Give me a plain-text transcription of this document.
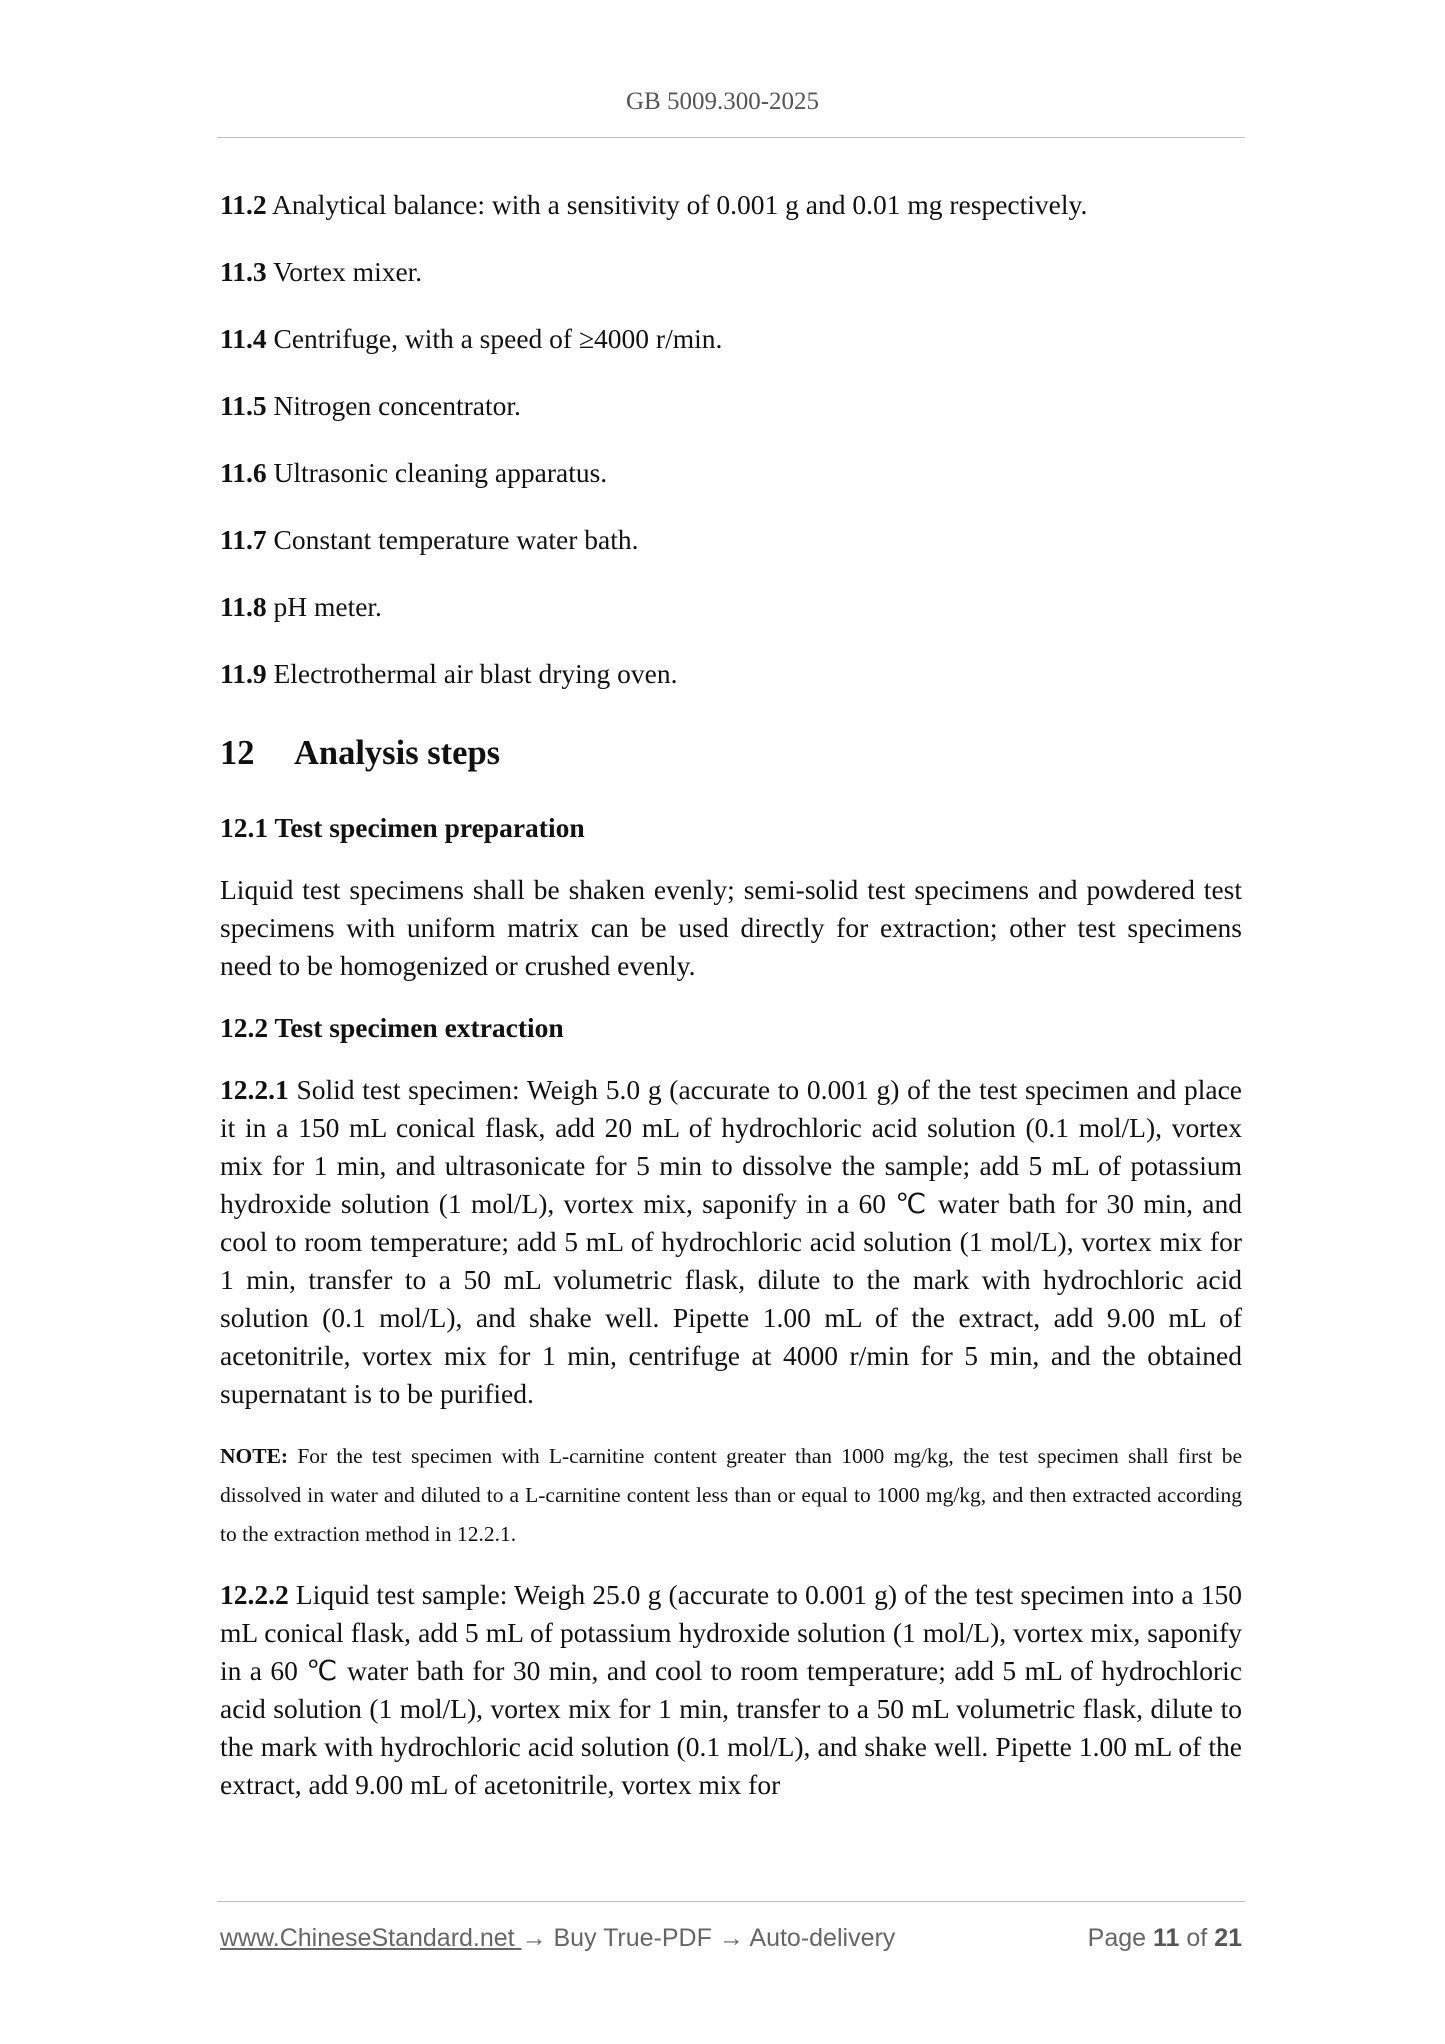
GB 5009.300-2025
11.2 Analytical balance: with a sensitivity of 0.001 g and 0.01 mg respectively.
11.3 Vortex mixer.
11.4 Centrifuge, with a speed of ≥4000 r/min.
11.5 Nitrogen concentrator.
11.6 Ultrasonic cleaning apparatus.
11.7 Constant temperature water bath.
11.8 pH meter.
11.9 Electrothermal air blast drying oven.
12 Analysis steps
12.1 Test specimen preparation
Liquid test specimens shall be shaken evenly; semi-solid test specimens and powdered test specimens with uniform matrix can be used directly for extraction; other test specimens need to be homogenized or crushed evenly.
12.2 Test specimen extraction
12.2.1 Solid test specimen: Weigh 5.0 g (accurate to 0.001 g) of the test specimen and place it in a 150 mL conical flask, add 20 mL of hydrochloric acid solution (0.1 mol/L), vortex mix for 1 min, and ultrasonicate for 5 min to dissolve the sample; add 5 mL of potassium hydroxide solution (1 mol/L), vortex mix, saponify in a 60 ℃ water bath for 30 min, and cool to room temperature; add 5 mL of hydrochloric acid solution (1 mol/L), vortex mix for 1 min, transfer to a 50 mL volumetric flask, dilute to the mark with hydrochloric acid solution (0.1 mol/L), and shake well. Pipette 1.00 mL of the extract, add 9.00 mL of acetonitrile, vortex mix for 1 min, centrifuge at 4000 r/min for 5 min, and the obtained supernatant is to be purified.
NOTE: For the test specimen with L-carnitine content greater than 1000 mg/kg, the test specimen shall first be dissolved in water and diluted to a L-carnitine content less than or equal to 1000 mg/kg, and then extracted according to the extraction method in 12.2.1.
12.2.2 Liquid test sample: Weigh 25.0 g (accurate to 0.001 g) of the test specimen into a 150 mL conical flask, add 5 mL of potassium hydroxide solution (1 mol/L), vortex mix, saponify in a 60 ℃ water bath for 30 min, and cool to room temperature; add 5 mL of hydrochloric acid solution (1 mol/L), vortex mix for 1 min, transfer to a 50 mL volumetric flask, dilute to the mark with hydrochloric acid solution (0.1 mol/L), and shake well. Pipette 1.00 mL of the extract, add 9.00 mL of acetonitrile, vortex mix for
www.ChineseStandard.net → Buy True-PDF → Auto-delivery	Page 11 of 21
